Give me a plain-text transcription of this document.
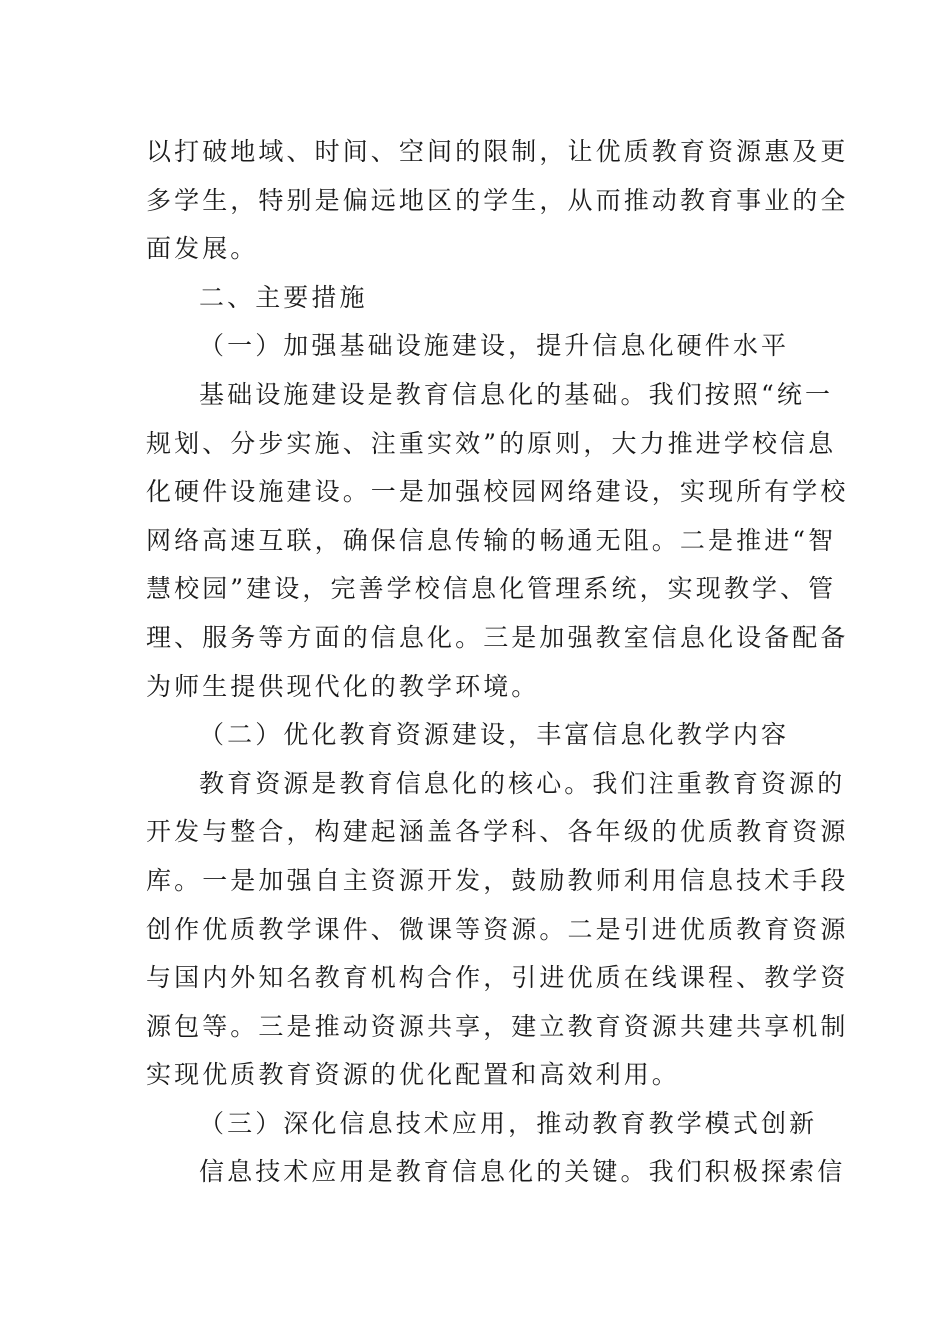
以打破地域、时间、空间的限制，让优质教育资源惠及更
多学生，特别是偏远地区的学生，从而推动教育事业的全
面发展。
二、主要措施
（一）加强基础设施建设，提升信息化硬件水平
基础设施建设是教育信息化的基础。我们按照“统一
规划、分步实施、注重实效”的原则，大力推进学校信息
化硬件设施建设。一是加强校园网络建设，实现所有学校
网络高速互联，确保信息传输的畅通无阻。二是推进“智
慧校园”建设，完善学校信息化管理系统，实现教学、管
理、服务等方面的信息化。三是加强教室信息化设备配备
为师生提供现代化的教学环境。
（二）优化教育资源建设，丰富信息化教学内容
教育资源是教育信息化的核心。我们注重教育资源的
开发与整合，构建起涵盖各学科、各年级的优质教育资源
库。一是加强自主资源开发，鼓励教师利用信息技术手段
创作优质教学课件、微课等资源。二是引进优质教育资源
与国内外知名教育机构合作，引进优质在线课程、教学资
源包等。三是推动资源共享，建立教育资源共建共享机制
实现优质教育资源的优化配置和高效利用。
（三）深化信息技术应用，推动教育教学模式创新
信息技术应用是教育信息化的关键。我们积极探索信
